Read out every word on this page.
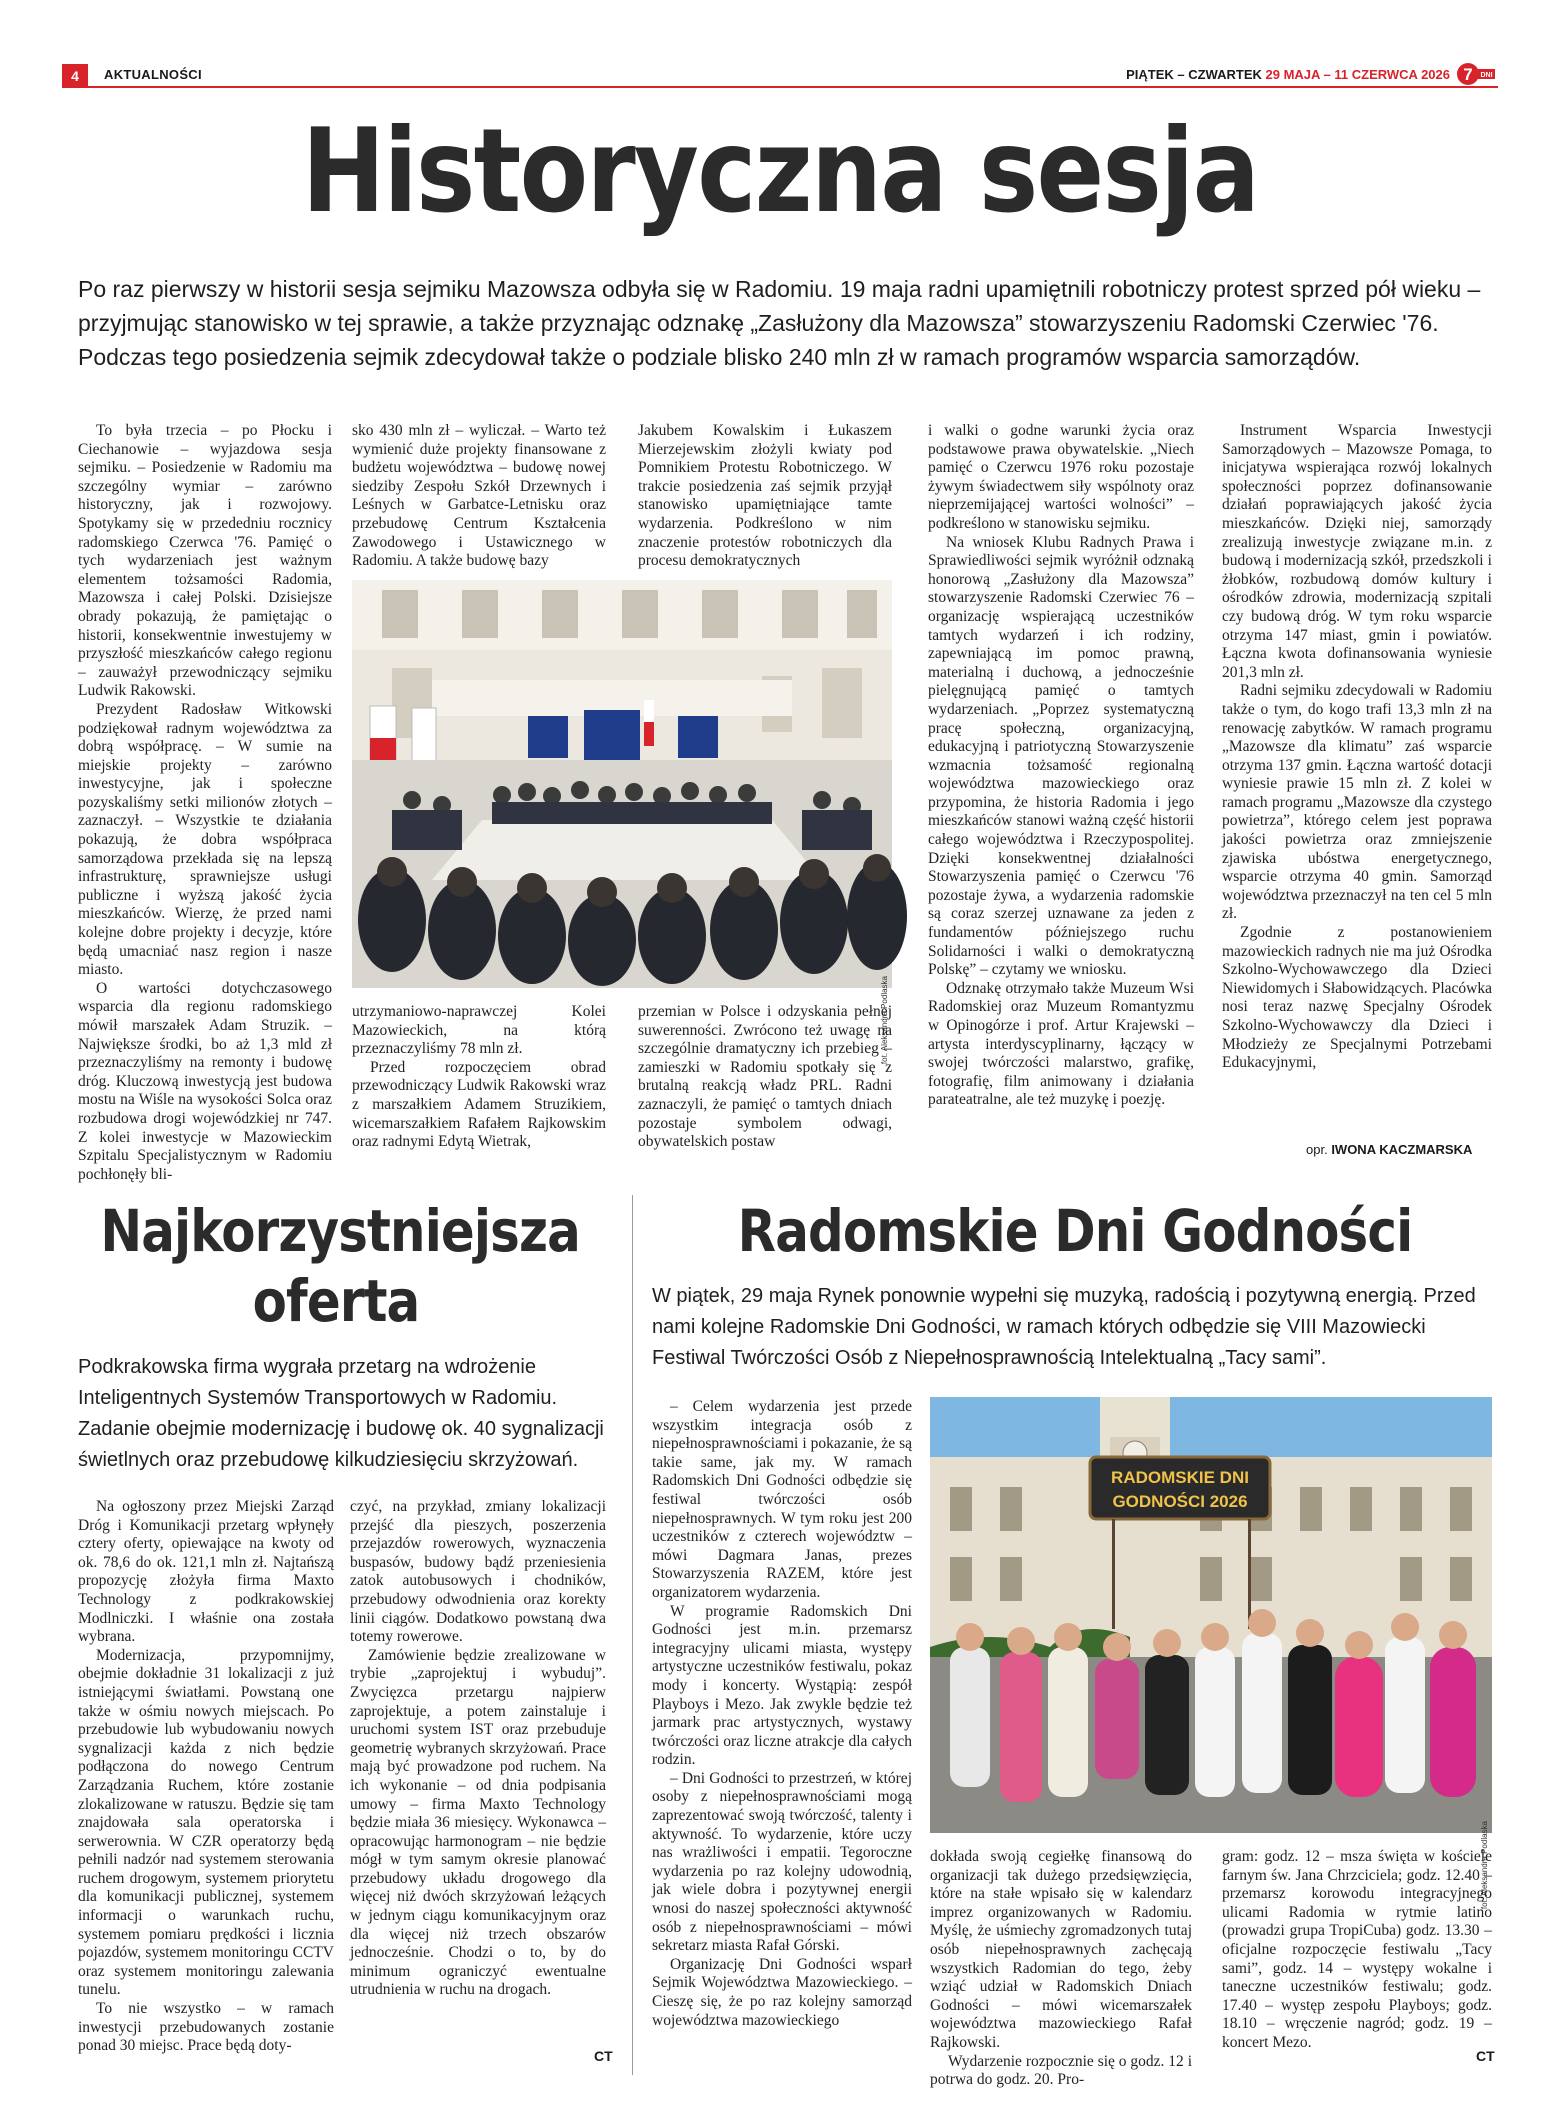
4	AKTUALNOŚCI	PIĄTEK – CZWARTEK 29 MAJA – 11 CZERWCA 2026 7 DNI
Historyczna sesja

Po raz pierwszy w historii sesja sejmiku Mazowsza odbyła się w Radomiu. 19 maja radni upamiętnili robotniczy protest sprzed pół wieku – przyjmując stanowisko w tej sprawie, a także przyznając odznakę „Zasłużony dla Mazowsza” stowarzyszeniu Radomski Czerwiec '76. Podczas tego posiedzenia sejmik zdecydował także o podziale blisko 240 mln zł w ramach programów wsparcia samorządów.

To była trzecia – po Płocku i Ciechanowie – wyjazdowa sesja sejmiku. – Posiedzenie w Radomiu ma szczególny wymiar – zarówno historyczny, jak i rozwojowy. Spotykamy się w przededniu rocznicy radomskiego Czerwca '76. Pamięć o tych wydarzeniach jest ważnym elementem tożsamości Radomia, Mazowsza i całej Polski. Dzisiejsze obrady pokazują, że pamiętając o historii, konsekwentnie inwestujemy w przyszłość mieszkańców całego regionu – zauważył przewodniczący sejmiku Ludwik Rakowski.

Prezydent Radosław Witkowski podziękował radnym województwa za dobrą współpracę. – W sumie na miejskie projekty – zarówno inwestycyjne, jak i społeczne pozyskaliśmy setki milionów złotych – zaznaczył. – Wszystkie te działania pokazują, że dobra współpraca samorządowa przekłada się na lepszą infrastrukturę, sprawniejsze usługi publiczne i wyższą jakość życia mieszkańców. Wierzę, że przed nami kolejne dobre projekty i decyzje, które będą umacniać nasz region i nasze miasto.

O wartości dotychczasowego wsparcia dla regionu radomskiego mówił marszałek Adam Struzik. – Największe środki, bo aż 1,3 mld zł przeznaczyliśmy na remonty i budowę dróg. Kluczową inwestycją jest budowa mostu na Wiśle na wysokości Solca oraz rozbudowa drogi wojewódzkiej nr 747. Z kolei inwestycje w Mazowieckim Szpitalu Specjalistycznym w Radomiu pochłonęły bli-

sko 430 mln zł – wyliczał. – Warto też wymienić duże projekty finansowane z budżetu województwa – budowę nowej siedziby Zespołu Szkół Drzewnych i Leśnych w Garbatce-Letnisku oraz przebudowę Centrum Kształcenia Zawodowego i Ustawicznego w Radomiu. A także budowę bazy

Jakubem Kowalskim i Łukaszem Mierzejewskim złożyli kwiaty pod Pomnikiem Protestu Robotniczego. W trakcie posiedzenia zaś sejmik przyjął stanowisko upamiętniające tamte wydarzenia. Podkreślono w nim znaczenie protestów robotniczych dla procesu demokratycznych

fot. Aleksandra Podlaska

utrzymaniowo-naprawczej Kolei Mazowieckich, na którą przeznaczyliśmy 78 mln zł.

Przed rozpoczęciem obrad przewodniczący Ludwik Rakowski wraz z marszałkiem Adamem Struzikiem, wicemarszałkiem Rafałem Rajkowskim oraz radnymi Edytą Wietrak,

przemian w Polsce i odzyskania pełnej suwerenności. Zwrócono też uwagę na szczególnie dramatyczny ich przebieg – zamieszki w Radomiu spotkały się z brutalną reakcją władz PRL. Radni zaznaczyli, że pamięć o tamtych dniach pozostaje symbolem odwagi, obywatelskich postaw

i walki o godne warunki życia oraz podstawowe prawa obywatelskie. „Niech pamięć o Czerwcu 1976 roku pozostaje żywym świadectwem siły wspólnoty oraz nieprzemijającej wartości wolności” – podkreślono w stanowisku sejmiku.

Na wniosek Klubu Radnych Prawa i Sprawiedliwości sejmik wyróżnił odznaką honorową „Zasłużony dla Mazowsza” stowarzyszenie Radomski Czerwiec 76 – organizację wspierającą uczestników tamtych wydarzeń i ich rodziny, zapewniającą im pomoc prawną, materialną i duchową, a jednocześnie pielęgnującą pamięć o tamtych wydarzeniach. „Poprzez systematyczną pracę społeczną, organizacyjną, edukacyjną i patriotyczną Stowarzyszenie wzmacnia tożsamość regionalną województwa mazowieckiego oraz przypomina, że historia Radomia i jego mieszkańców stanowi ważną część historii całego województwa i Rzeczypospolitej. Dzięki konsekwentnej działalności Stowarzyszenia pamięć o Czerwcu '76 pozostaje żywa, a wydarzenia radomskie są coraz szerzej uznawane za jeden z fundamentów późniejszego ruchu Solidarności i walki o demokratyczną Polskę” – czytamy we wniosku.

Odznakę otrzymało także Muzeum Wsi Radomskiej oraz Muzeum Romantyzmu w Opinogórze i prof. Artur Krajewski – artysta interdyscyplinarny, łączący w swojej twórczości malarstwo, grafikę, fotografię, film animowany i działania parateatralne, ale też muzykę i poezję.

Instrument Wsparcia Inwestycji Samorządowych – Mazowsze Pomaga, to inicjatywa wspierająca rozwój lokalnych społeczności poprzez dofinansowanie działań poprawiających jakość życia mieszkańców. Dzięki niej, samorządy zrealizują inwestycje związane m.in. z budową i modernizacją szkół, przedszkoli i żłobków, rozbudową domów kultury i ośrodków zdrowia, modernizacją szpitali czy budową dróg. W tym roku wsparcie otrzyma 147 miast, gmin i powiatów. Łączna kwota dofinansowania wyniesie 201,3 mln zł.

Radni sejmiku zdecydowali w Radomiu także o tym, do kogo trafi 13,3 mln zł na renowację zabytków. W ramach programu „Mazowsze dla klimatu” zaś wsparcie otrzyma 137 gmin. Łączna wartość dotacji wyniesie prawie 15 mln zł. Z kolei w ramach programu „Mazowsze dla czystego powietrza”, którego celem jest poprawa jakości powietrza oraz zmniejszenie zjawiska ubóstwa energetycznego, wsparcie otrzyma 40 gmin. Samorząd województwa przeznaczył na ten cel 5 mln zł.

Zgodnie z postanowieniem mazowieckich radnych nie ma już Ośrodka Szkolno-Wychowawczego dla Dzieci Niewidomych i Słabowidzących. Placówka nosi teraz nazwę Specjalny Ośrodek Szkolno-Wychowawczy dla Dzieci i Młodzieży ze Specjalnymi Potrzebami Edukacyjnymi,

opr. IWONA KACZMARSKA
Najkorzystniejsza
oferta

Podkrakowska firma wygrała przetarg na wdrożenie Inteligentnych Systemów Transportowych w Radomiu. Zadanie obejmie modernizację i budowę ok. 40 sygnalizacji świetlnych oraz przebudowę kilkudziesięciu skrzyżowań.

Na ogłoszony przez Miejski Zarząd Dróg i Komunikacji przetarg wpłynęły cztery oferty, opiewające na kwoty od ok. 78,6 do ok. 121,1 mln zł. Najtańszą propozycję złożyła firma Maxto Technology z podkrakowskiej Modlniczki. I właśnie ona została wybrana.

Modernizacja, przypomnijmy, obejmie dokładnie 31 lokalizacji z już istniejącymi światłami. Powstaną one także w ośmiu nowych miejscach. Po przebudowie lub wybudowaniu nowych sygnalizacji każda z nich będzie podłączona do nowego Centrum Zarządzania Ruchem, które zostanie zlokalizowane w ratuszu. Będzie się tam znajdowała sala operatorska i serwerownia. W CZR operatorzy będą pełnili nadzór nad systemem sterowania ruchem drogowym, systemem priorytetu dla komunikacji publicznej, systemem informacji o warunkach ruchu, systemem pomiaru prędkości i licznia pojazdów, systemem monitoringu CCTV oraz systemem monitoringu zalewania tunelu.

To nie wszystko – w ramach inwestycji przebudowanych zostanie ponad 30 miejsc. Prace będą doty-

czyć, na przykład, zmiany lokalizacji przejść dla pieszych, poszerzenia przejazdów rowerowych, wyznaczenia buspasów, budowy bądź przeniesienia zatok autobusowych i chodników, przebudowy odwodnienia oraz korekty linii ciągów. Dodatkowo powstaną dwa totemy rowerowe.

Zamówienie będzie zrealizowane w trybie „zaprojektuj i wybuduj”. Zwycięzca przetargu najpierw zaprojektuje, a potem zainstaluje i uruchomi system IST oraz przebuduje geometrię wybranych skrzyżowań. Prace mają być prowadzone pod ruchem. Na ich wykonanie – od dnia podpisania umowy – firma Maxto Technology będzie miała 36 miesięcy. Wykonawca – opracowując harmonogram – nie będzie mógł w tym samym okresie planować przebudowy układu drogowego dla więcej niż dwóch skrzyżowań leżących w jednym ciągu komunikacyjnym oraz dla więcej niż trzech obszarów jednocześnie. Chodzi o to, by do minimum ograniczyć ewentualne utrudnienia w ruchu na drogach.

CT
Radomskie Dni Godności

W piątek, 29 maja Rynek ponownie wypełni się muzyką, radością i pozytywną energią. Przed nami kolejne Radomskie Dni Godności, w ramach których odbędzie się VIII Mazowiecki Festiwal Twórczości Osób z Niepełnosprawnością Intelektualną „Tacy sami”.

– Celem wydarzenia jest przede wszystkim integracja osób z niepełnosprawnościami i pokazanie, że są takie same, jak my. W ramach Radomskich Dni Godności odbędzie się festiwal twórczości osób niepełnosprawnych. W tym roku jest 200 uczestników z czterech województw – mówi Dagmara Janas, prezes Stowarzyszenia RAZEM, które jest organizatorem wydarzenia.

W programie Radomskich Dni Godności jest m.in. przemarsz integracyjny ulicami miasta, występy artystyczne uczestników festiwalu, pokaz mody i koncerty. Wystąpią: zespół Playboys i Mezo. Jak zwykle będzie też jarmark prac artystycznych, wystawy twórczości oraz liczne atrakcje dla całych rodzin.

– Dni Godności to przestrzeń, w której osoby z niepełnosprawnościami mogą zaprezentować swoją twórczość, talenty i aktywność. To wydarzenie, które uczy nas wrażliwości i empatii. Tegoroczne wydarzenia po raz kolejny udowodnią, jak wiele dobra i pozytywnej energii wnosi do naszej społeczności aktywność osób z niepełnosprawnościami – mówi sekretarz miasta Rafał Górski.

Organizację Dni Godności wsparł Sejmik Województwa Mazowieckiego. – Cieszę się, że po raz kolejny samorząd województwa mazowieckiego

RADOMSKIE DNI
GODNOŚCI 2026
fot. Aleksandra Podlaska

dokłada swoją cegiełkę finansową do organizacji tak dużego przedsięwzięcia, które na stałe wpisało się w kalendarz imprez organizowanych w Radomiu. Myślę, że uśmiechy zgromadzonych tutaj osób niepełnosprawnych zachęcają wszystkich Radomian do tego, żeby wziąć udział w Radomskich Dniach Godności – mówi wicemarszałek województwa mazowieckiego Rafał Rajkowski.

Wydarzenie rozpocznie się o godz. 12 i potrwa do godz. 20. Pro-

gram: godz. 12 – msza święta w kościele farnym św. Jana Chrzciciela; godz. 12.40 – przemarsz korowodu integracyjnego ulicami Radomia w rytmie latino (prowadzi grupa TropiCuba) godz. 13.30 – oficjalne rozpoczęcie festiwalu „Tacy sami”, godz. 14 – występy wokalne i taneczne uczestników festiwalu; godz. 17.40 – występ zespołu Playboys; godz. 18.10 – wręczenie nagród; godz. 19 – koncert Mezo.

CT
